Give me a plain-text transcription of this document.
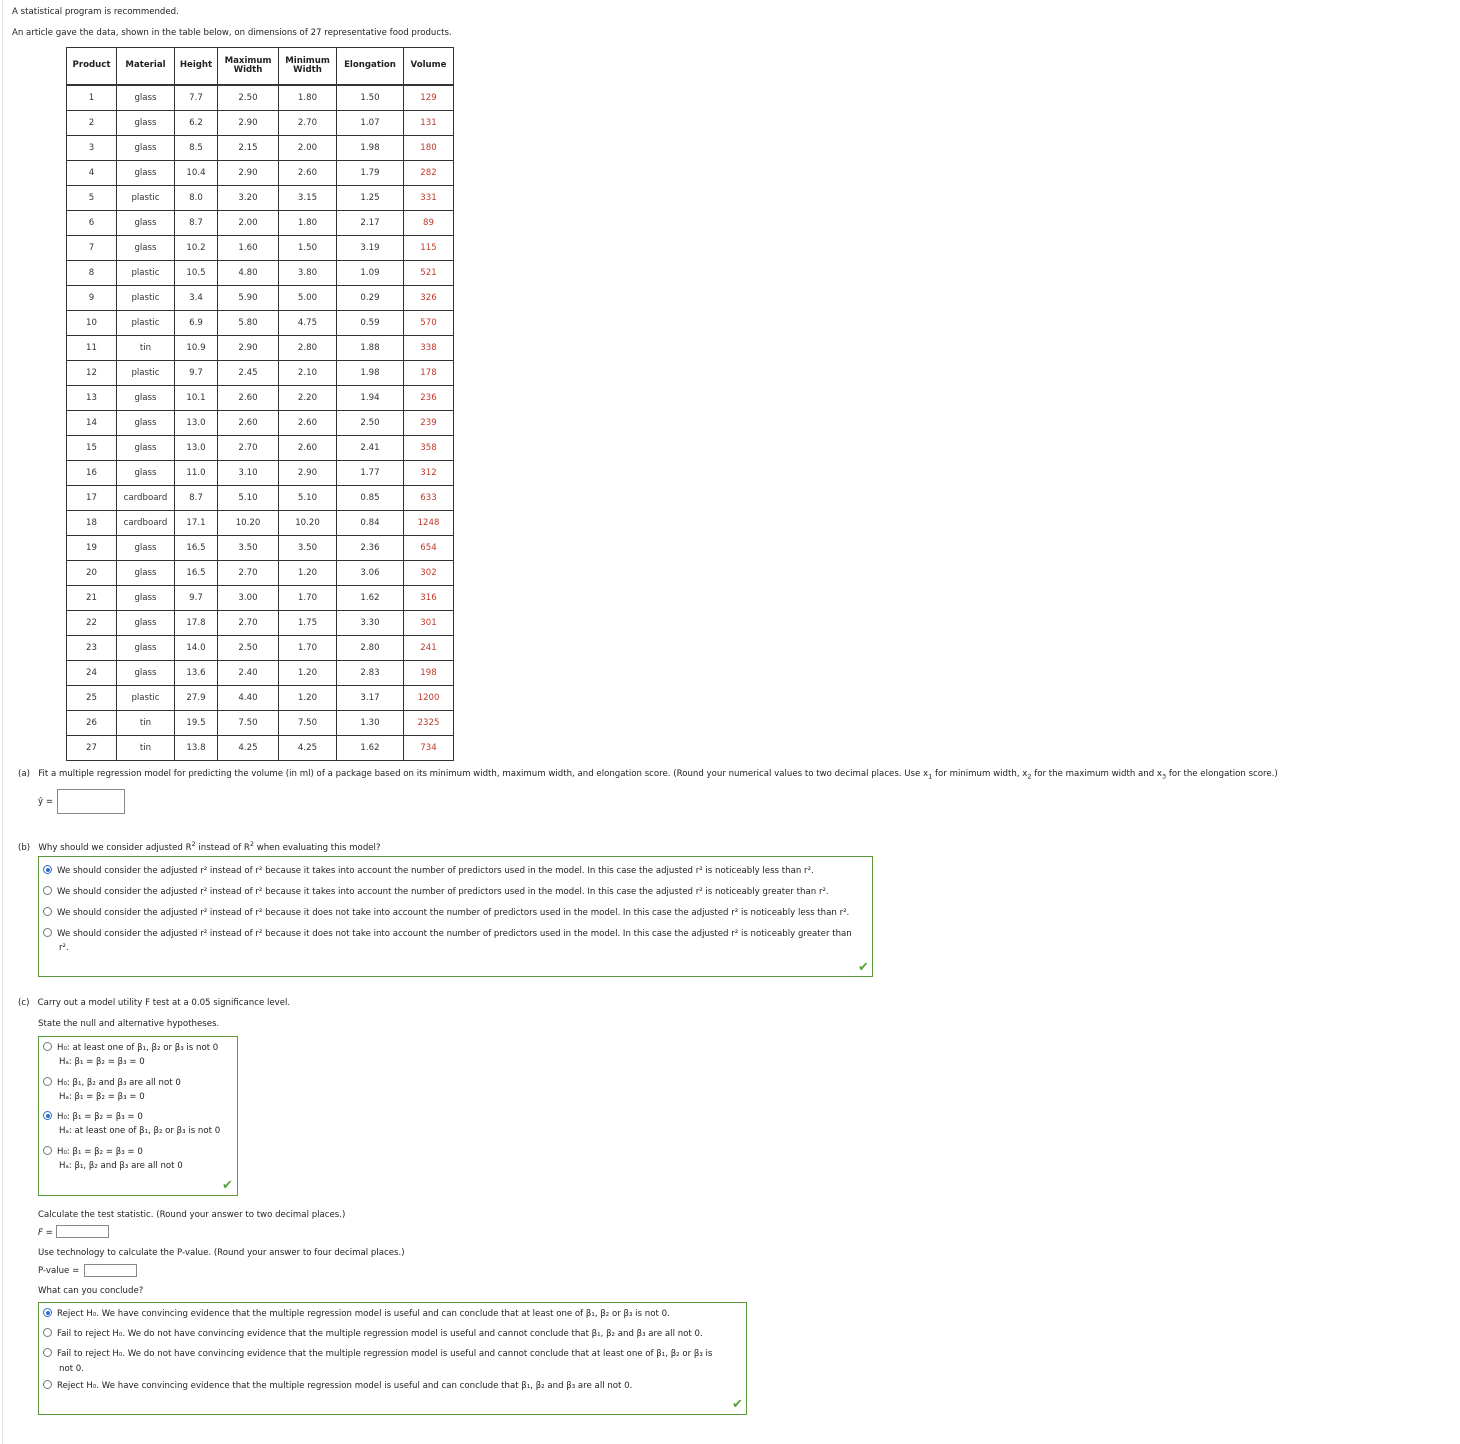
A statistical program is recommended.
An article gave the data, shown in the table below, on dimensions of 27 representative food products.
Product	Material	Height	Maximum Width	Minimum Width	Elongation	Volume
1	glass	7.7	2.50	1.80	1.50	129
2	glass	6.2	2.90	2.70	1.07	131
3	glass	8.5	2.15	2.00	1.98	180
4	glass	10.4	2.90	2.60	1.79	282
5	plastic	8.0	3.20	3.15	1.25	331
6	glass	8.7	2.00	1.80	2.17	89
7	glass	10.2	1.60	1.50	3.19	115
8	plastic	10.5	4.80	3.80	1.09	521
9	plastic	3.4	5.90	5.00	0.29	326
10	plastic	6.9	5.80	4.75	0.59	570
11	tin	10.9	2.90	2.80	1.88	338
12	plastic	9.7	2.45	2.10	1.98	178
13	glass	10.1	2.60	2.20	1.94	236
14	glass	13.0	2.60	2.60	2.50	239
15	glass	13.0	2.70	2.60	2.41	358
16	glass	11.0	3.10	2.90	1.77	312
17	cardboard	8.7	5.10	5.10	0.85	633
18	cardboard	17.1	10.20	10.20	0.84	1248
19	glass	16.5	3.50	3.50	2.36	654
20	glass	16.5	2.70	1.20	3.06	302
21	glass	9.7	3.00	1.70	1.62	316
22	glass	17.8	2.70	1.75	3.30	301
23	glass	14.0	2.50	1.70	2.80	241
24	glass	13.6	2.40	1.20	2.83	198
25	plastic	27.9	4.40	1.20	3.17	1200
26	tin	19.5	7.50	7.50	1.30	2325
27	tin	13.8	4.25	4.25	1.62	734
(a) Fit a multiple regression model for predicting the volume (in ml) of a package based on its minimum width, maximum width, and elongation score. (Round your numerical values to two decimal places. Use $x_1$ for minimum width, $x_2$ for the maximum width and $x_3$ for the elongation score.)
ŷ =
(b) Why should we consider adjusted $R^2$ instead of $R^2$ when evaluating this model?
We should consider the adjusted r² instead of r² because it takes into account the number of predictors used in the model. In this case the adjusted r² is noticeably less than r².
We should consider the adjusted r² instead of r² because it takes into account the number of predictors used in the model. In this case the adjusted r² is noticeably greater than r².
We should consider the adjusted r² instead of r² because it does not take into account the number of predictors used in the model. In this case the adjusted r² is noticeably less than r².
We should consider the adjusted r² instead of r² because it does not take into account the number of predictors used in the model. In this case the adjusted r² is noticeably greater than
r².
✔
(c) Carry out a model utility F test at a 0.05 significance level.
State the null and alternative hypotheses.
H₀: at least one of β₁, β₂ or β₃ is not 0
Hₐ: β₁ = β₂ = β₃ = 0
H₀: β₁, β₂ and β₃ are all not 0
Hₐ: β₁ = β₂ = β₃ = 0
H₀: β₁ = β₂ = β₃ = 0
Hₐ: at least one of β₁, β₂ or β₃ is not 0
H₀: β₁ = β₂ = β₃ = 0
Hₐ: β₁, β₂ and β₃ are all not 0
✔
Calculate the test statistic. (Round your answer to two decimal places.)
F =
Use technology to calculate the P-value. (Round your answer to four decimal places.)
P-value =
What can you conclude?
Reject H₀. We have convincing evidence that the multiple regression model is useful and can conclude that at least one of β₁, β₂ or β₃ is not 0.
Fail to reject H₀. We do not have convincing evidence that the multiple regression model is useful and cannot conclude that β₁, β₂ and β₃ are all not 0.
Fail to reject H₀. We do not have convincing evidence that the multiple regression model is useful and cannot conclude that at least one of β₁, β₂ or β₃ is
not 0.
Reject H₀. We have convincing evidence that the multiple regression model is useful and can conclude that β₁, β₂ and β₃ are all not 0.
✔
